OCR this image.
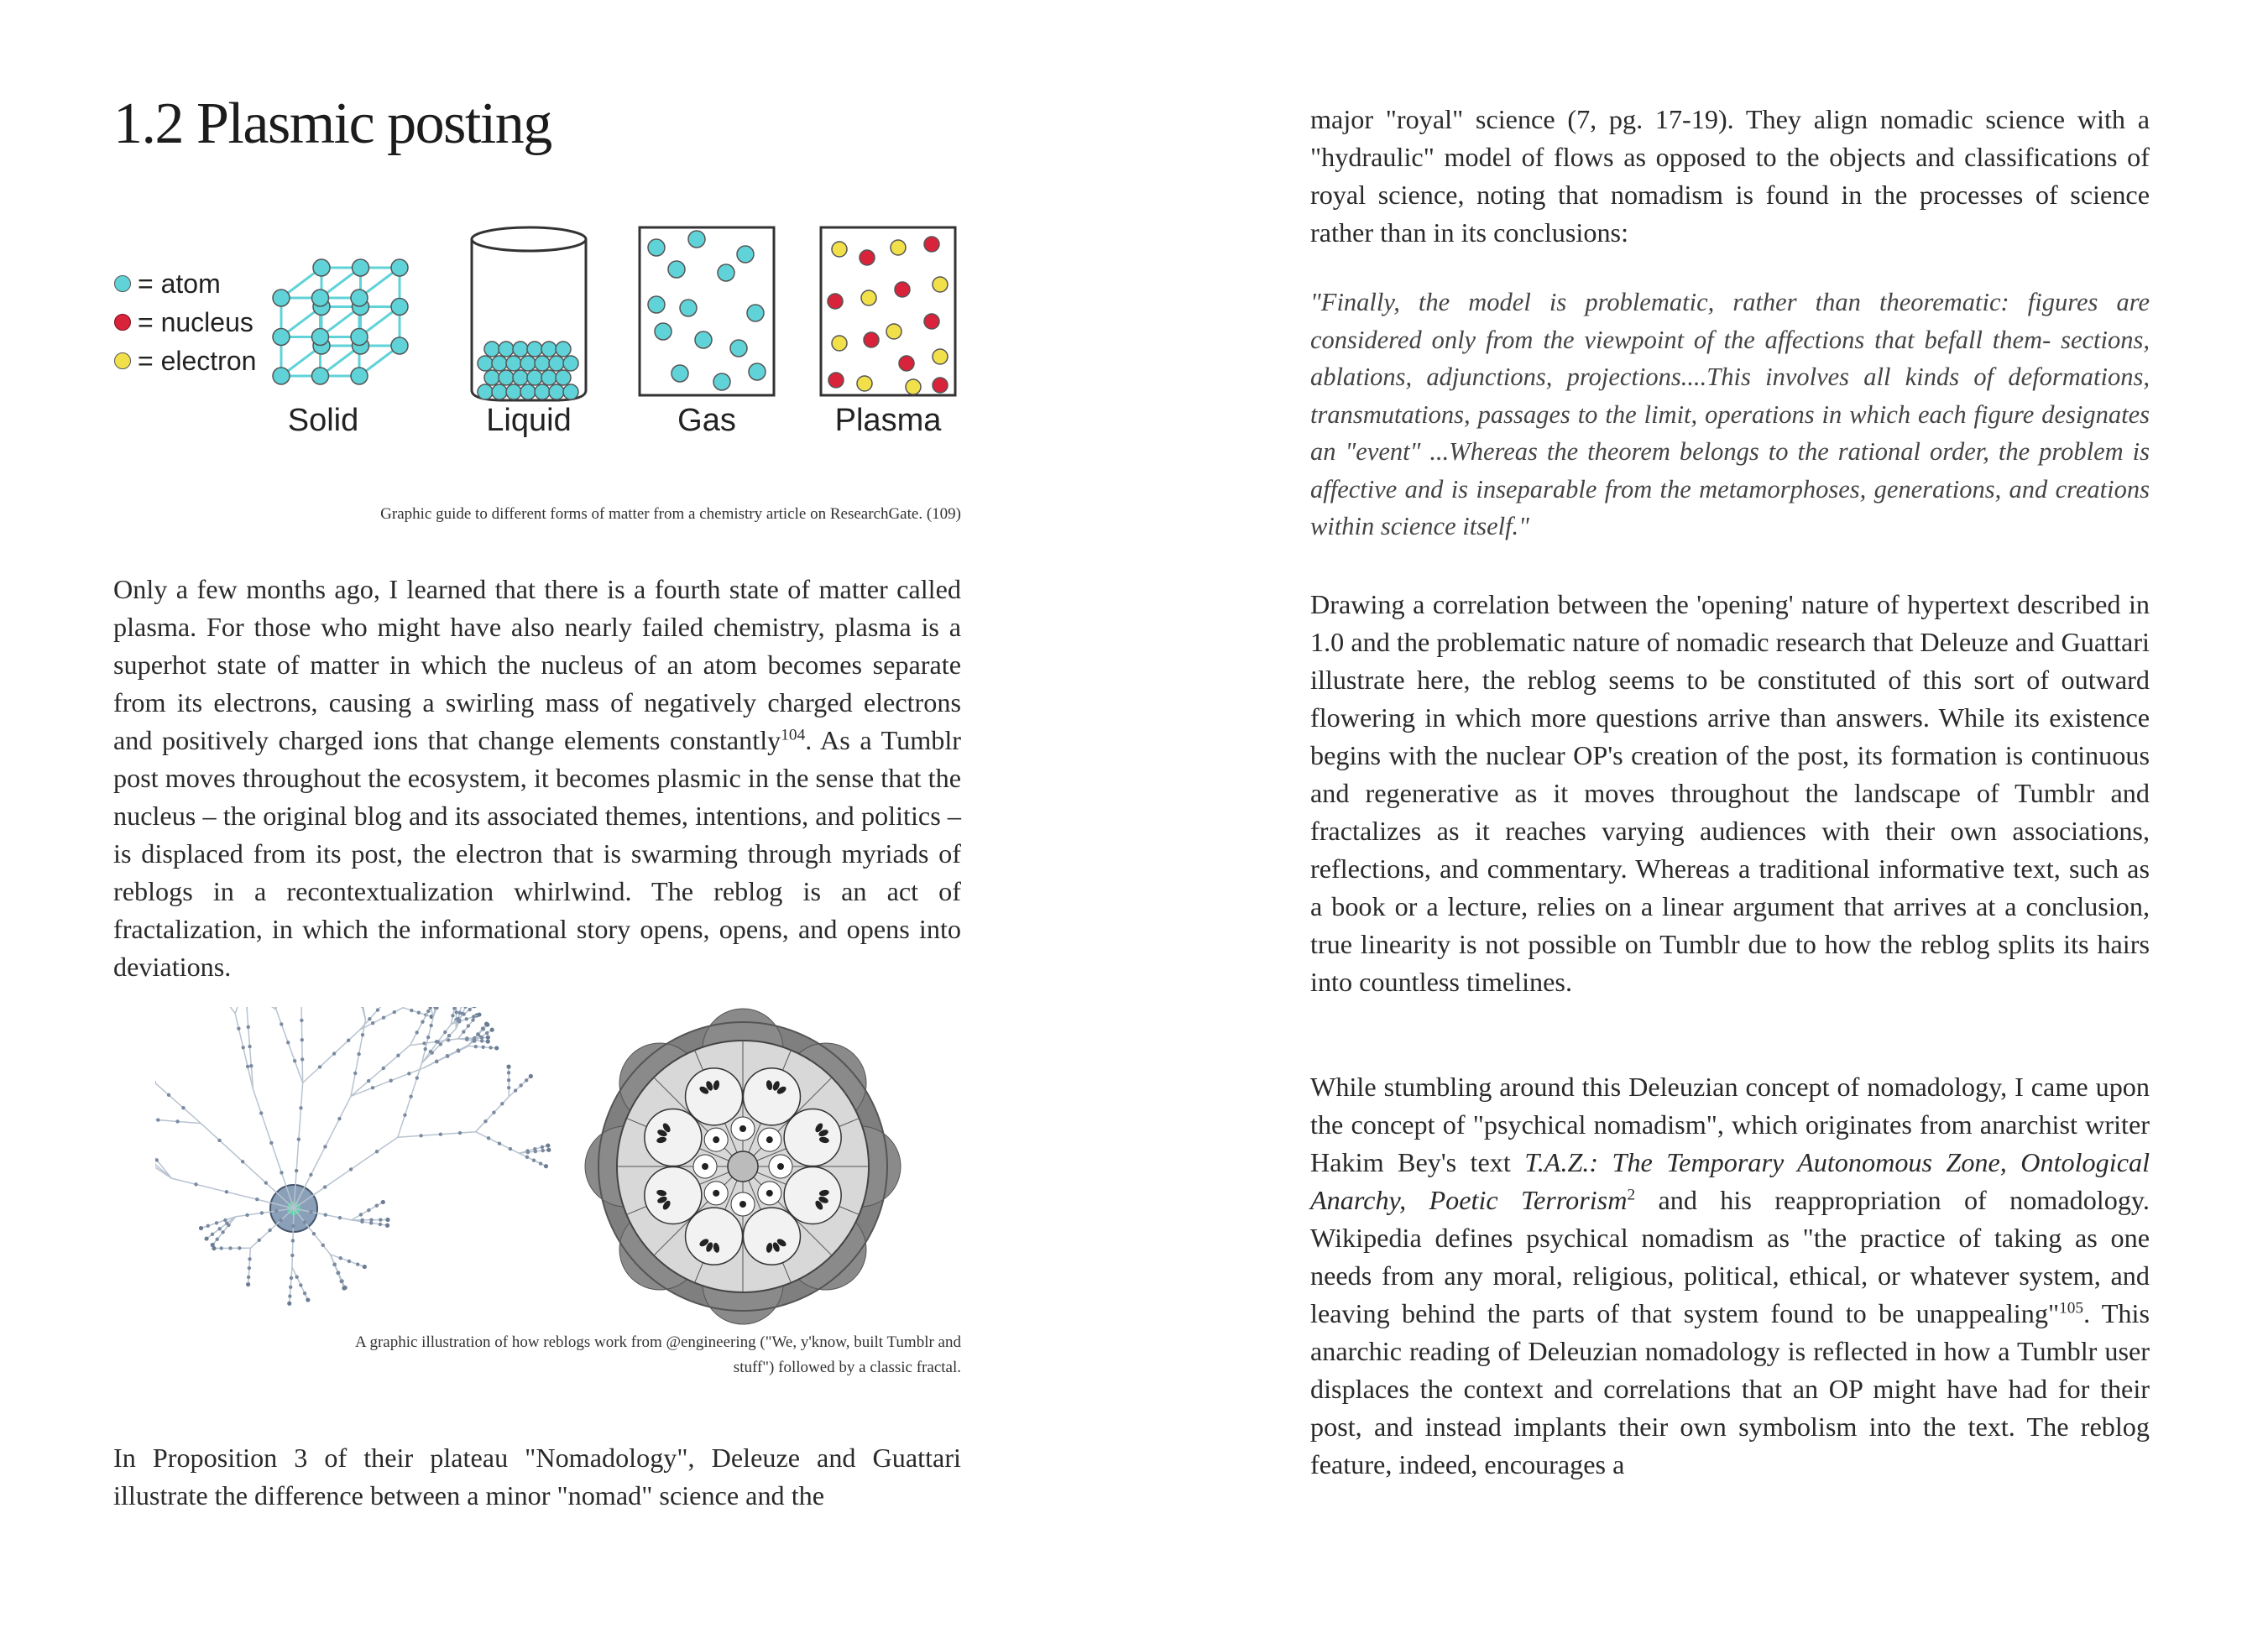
1.2 Plasmic posting
= atom
= nucleus
= electron
Solid	Liquid	Gas	Plasma
Graphic guide to different forms of matter from a chemistry article on ResearchGate. (109)

Only a few months ago, I learned that there is a fourth state of matter called plasma. For those who might have also nearly failed chemistry, plasma is a superhot state of matter in which the nucleus of an atom becomes separate from its electrons, causing a swirling mass of negatively charged electrons and positively charged ions that change elements constantly$^{104}$. As a Tumblr post moves throughout the ecosystem, it becomes plasmic in the sense that the nucleus – the original blog and its associated themes, intentions, and politics – is displaced from its post, the electron that is swarming through myriads of reblogs in a recontextualization whirlwind. The reblog is an act of fractalization, in which the informational story opens, opens, and opens into deviations.

A graphic illustration of how reblogs work from @engineering ("We, y'know, built Tumblr and
stuff") followed by a classic fractal.

In Proposition 3 of their plateau "Nomadology", Deleuze and Guattari illustrate the difference between a minor "nomad" science and the

major "royal" science (7, pg. 17-19). They align nomadic science with a "hydraulic" model of flows as opposed to the objects and classifications of royal science, noting that nomadism is found in the processes of science rather than in its conclusions:

"Finally, the model is problematic, rather than theorematic: figures are considered only from the viewpoint of the affections that befall them- sections, ablations, adjunctions, projections....This involves all kinds of deformations, transmutations, passages to the limit, operations in which each figure designates an "event" ...Whereas the theorem belongs to the rational order, the problem is affective and is inseparable from the metamorphoses, generations, and creations within science itself."

Drawing a correlation between the 'opening' nature of hypertext described in 1.0 and the problematic nature of nomadic research that Deleuze and Guattari illustrate here, the reblog seems to be constituted of this sort of outward flowering in which more questions arrive than answers. While its existence begins with the nuclear OP's creation of the post, its formation is continuous and regenerative as it moves throughout the landscape of Tumblr and fractalizes as it reaches varying audiences with their own associations, reflections, and commentary. Whereas a traditional informative text, such as a book or a lecture, relies on a linear argument that arrives at a conclusion, true linearity is not possible on Tumblr due to how the reblog splits its hairs into countless timelines.

While stumbling around this Deleuzian concept of nomadology, I came upon the concept of "psychical nomadism", which originates from anarchist writer Hakim Bey's text T.A.Z.: The Temporary Autonomous Zone, Ontological Anarchy, Poetic Terrorism$^2$ and his reappropriation of nomadology. Wikipedia defines psychical nomadism as "the practice of taking as one needs from any moral, religious, political, ethical, or whatever system, and leaving behind the parts of that system found to be unappealing"$^{105}$. This anarchic reading of Deleuzian nomadology is reflected in how a Tumblr user displaces the context and correlations that an OP might have had for their post, and instead implants their own symbolism into the text. The reblog feature, indeed, encourages a
